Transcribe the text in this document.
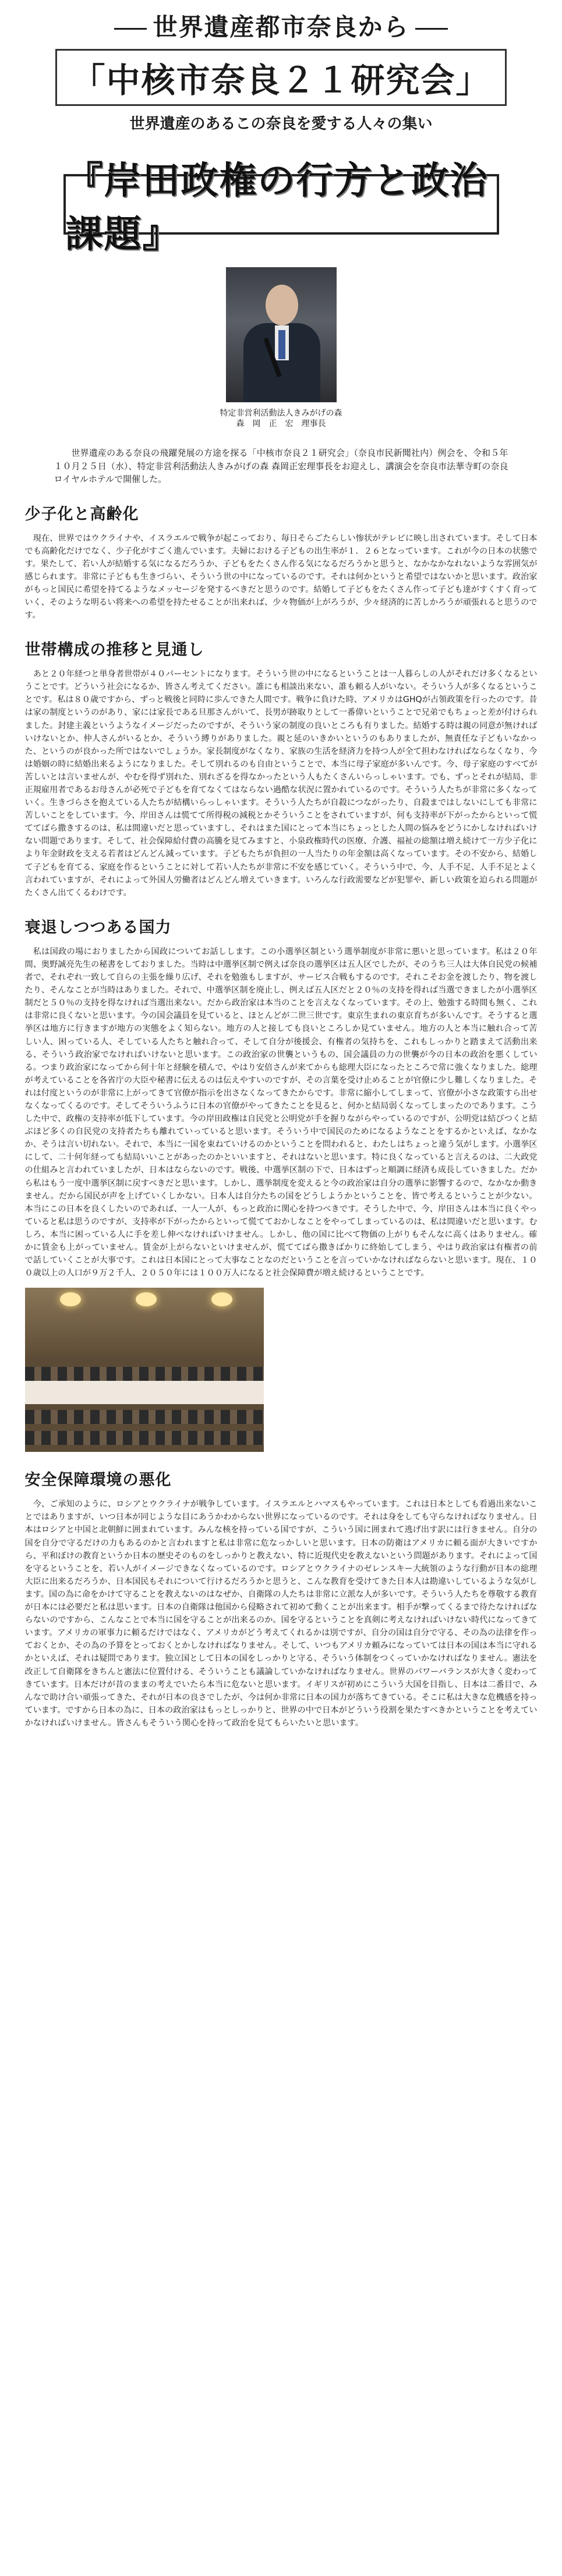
世界遺産都市奈良から
「中核市奈良２１研究会」
世界遺産のあるこの奈良を愛する人々の集い
『岸田政権の行方と政治課題』
特定非営利活動法人きみがげの森
森　岡　正　宏　理事長

世界遺産のある奈良の飛躍発展の方途を探る「中核市奈良２１研究会」（奈良市民新聞社内）例会を、令和５年１０月２５日（水）、特定非営利活動法人きみがげの森 森岡正宏理事長をお迎えし、講演会を奈良市法華寺町の奈良ロイヤルホテルで開催した。

少子化と高齢化

現在、世界ではウクライナや、イスラエルで戦争が起こっており、毎日そらごたらしい惨状がテレビに映し出されています。そして日本でも高齢化だけでなく、少子化がすごく進んでいます。夫婦における子どもの出生率が１．２６となっています。これが今の日本の状態です。果たして、若い人が結婚する気になるだろうか、子どもをたくさん作る気になるだろうかと思うと、なかなかなれないような雰囲気が感じられます。非常に子どもも生きづらい、そういう世の中になっているのです。それは何かというと希望ではないかと思います。政治家がもっと国民に希望を持てるようなメッセージを発するべきだと思うのです。結婚して子どもをたくさん作って子ども達がすくすく育っていく、そのような明るい将来への希望を持たせることが出来れば、少々物価が上がろうが、少々経済的に苦しかろうが頑張れると思うのです。

世帯構成の推移と見通し

あと２０年経つと単身者世帯が４０パーセントになります。そういう世の中になるということは一人暮らしの人がそれだけ多くなるということです。どういう社会になるか、皆さん考えてください。誰にも相談出来ない、誰も頼る人がいない。そういう人が多くなるということです。私は８０歳ですから、ずっと戦後と同時に歩んできた人間です。戦争に負けた時、アメリカはGHQが占領政策を行ったのです。昔は家の制度というのがあり、家には家長である旦那さんがいて、長男が跡取りとして一番偉いということで兄弟でもちょっと差が付けられました。封建主義というようなイメージだったのですが、そういう家の制度の良いところも有りました。結婚する時は親の同意が無ければいけないとか、仲人さんがいるとか、そういう縛りがありました。親と延のいきかいというのもありましたが、無責任な子どもいなかった、というのが良かった所ではないでしょうか。家長制度がなくなり、家族の生活を経済力を持つ人が全て担わなければならなくなり、今は婚姻の時に結婚出来るようになりました。そして別れるのも自由ということで、本当に母子家庭が多いんです。今、母子家庭のすべてが苦しいとは言いませんが、やむを得ず別れた、別れざるを得なかったという人もたくさんいらっしゃいます。でも、ずっとそれが結局、非正規雇用者であるお母さんが必死で子どもを育てなくてはならない過酷な状況に置かれているのです。そういう人たちが非常に多くなっていく。生きづらさを抱えている人たちが結構いらっしゃいます。そういう人たちが自殺につながったり、自殺まではしないにしても非常に苦しいことをしています。今、岸田さんは慌てて所得税の減税とかそういうことをされていますが、何も支持率が下がったからといって慌ててばら撒きするのは、私は間違いだと思っていますし、それはまた国にとって本当にちょっとした人間の悩みをどうにかしなければいけない問題であります。そして、社会保障給付費の高騰を見てみますと、小泉政権時代の医療、介護、福祉の総額は増え続けて一方少子化により年金財政を支える若者はどんどん減っています。子どもたちが負担の一人当たりの年金額は高くなっています。その不安から、結婚して子どもを育てる、家庭を作るということに対して若い人たちが非常に不安を感じていく。そういう中で、今、人手不足、人手不足とよく言われていますが、それによって外国人労働者はどんどん増えていきます。いろんな行政需要などが犯罪や、新しい政策を迫られる問題がたくさん出てくるわけです。

衰退しつつある国力

私は国政の場におりましたから国政についてお話しします。この小選挙区制という選挙制度が非常に悪いと思っています。私は２０年間、奥野誠亮先生の秘書をしておりました。当時は中選挙区制で例えば奈良の選挙区は五人区でしたが、そのうち三人は大体自民党の候補者で、それぞれ一致して自らの主張を繰り広げ、それを勉強もしますが、サービス合戦もするのです。それこそお金を渡したり、物を渡したり、そんなことが当時はありました。それで、中選挙区制を廃止し、例えば五人区だと２０％の支持を得れば当選できましたが小選挙区制だと５０％の支持を得なければ当選出来ない。だから政治家は本当のことを言えなくなっています。その上、勉強する時間も無く、これは非常に良くないと思います。今の国会議員を見ていると、ほとんどが二世三世です。東京生まれの東京育ちが多いんです。そうすると選挙区は地方に行きますが地方の実態をよく知らない。地方の人と接しても良いところしか見ていません。地方の人と本当に触れ合って苦しい人、困っている人、そしている人たちと触れ合って、そして自分が後援会、有権者の気持ちを、これもしっかりと踏まえて活動出来る、そういう政治家でなければいけないと思います。この政治家の世襲というもの、国会議員の力の世襲が今の日本の政治を悪くしている。つまり政治家になってから何十年と経験を積んで、やはり安倍さんが来てからも総理大臣になったところで常に強くなりました。総理が考えていることを各省庁の大臣や秘書に伝えるのは伝えやすいのですが、その言葉を受け止めることが官僚に少し難しくなりました。それは付度というのが非常に上がってきて官僚が指示を出さなくなってきたからです。非常に縮小してしまって、官僚が小さな政策すら出せなくなってくるのです。そしてそういうふうに日本の官僚がやってきたことを見ると、何かと結局弱くなってしまったのであります。こうした中で、政権の支持率が低下しています。今の岸田政権は自民党と公明党が手を握りながらやっているのですが、公明党は結びつくと結ぶほど多くの自民党の支持者たちも離れていっていると思います。そういう中で国民のためになるようなことをするかといえば、なかなか、そうは言い切れない。それで、本当に一国を束ねていけるのかということを問われると、わたしはちょっと違う気がします。小選挙区にして、二十何年経っても結局いいことがあったのかといいますと、それはないと思います。特に良くなっていると言えるのは、二大政党の仕組みと言われていましたが、日本はならないのです。戦後、中選挙区制の下で、日本はずっと順調に経済も成長していきました。だから私はもう一度中選挙区制に戻すべきだと思います。しかし、選挙制度を変えると今の政治家は自分の選挙に影響するので、なかなか動きません。だから国民が声を上げていくしかない。日本人は自分たちの国をどうしようかということを、皆で考えるということが少ない。本当にこの日本を良くしたいのであれば、一人一人が、もっと政治に関心を持つべきです。そうした中で、今、岸田さんは本当に良くやっていると私は思うのですが、支持率が下がったからといって慌てておかしなことをやってしまっているのは、私は間違いだと思います。むしろ、本当に困っている人に手を差し伸べなければいけません。しかし、他の国に比べて物価の上がりもそんなに高くはありません。確かに賃金も上がっていません。賃金が上がらないといけませんが、慌ててばら撒きばかりに終始してしまう、やはり政治家は有権者の前で話していくことが大事です。これは日本国にとって大事なことなのだということを言っていかなければならないと思います。現在、１００歳以上の人口が９万２千人、２０５０年には１００万人になると社会保障費が増え続けるということです。

安全保障環境の悪化

今、ご承知のように、ロシアとウクライナが戦争しています。イスラエルとハマスもやっています。これは日本としても看過出来ないことではありますが、いつ日本が同じような目にあうかわからない世界になっているのです。それは身をしても守らなければなりません。日本はロシアと中国と北朝鮮に囲まれています。みんな核を持っている国ですが、こういう国に囲まれて逃げ出す訳には行きません。自分の国を自分で守るだけの力もあるのかと言われますと私は非常に危なっかしいと思います。日本の防衛はアメリカに頼る面が大きいですから、平和ぼけの教育というか日本の歴史そのものをしっかりと教えない、特に近現代史を教えないという問題があります。それによって国を守るということを、若い人がイメージできなくなっているのです。ロシアとウクライナのゼレンスキー大統領のような行動が日本の総理大臣に出来るだろうか、日本国民もそれについて行けるだろうかと思うと、こんな教育を受けてきた日本人は勘違いしているような気がします。国の為に命をかけて守ることを教えないのはなぜか、自衛隊の人たちは非常に立派な人が多いです。そういう人たちを尊敬する教育が日本には必要だと私は思います。日本の自衛隊は他国から侵略されて初めて動くことが出来ます。相手が撃ってくるまで待たなければならないのですから、こんなことで本当に国を守ることが出来るのか。国を守るということを真剣に考えなければいけない時代になってきています。アメリカの軍事力に頼るだけではなく、アメリカがどう考えてくれるかは別ですが、自分の国は自分で守る、その為の法律を作っておくとか、その為の予算をとっておくとかしなければなりません。そして、いつもアメリカ頼みになっていては日本の国は本当に守れるかといえば、それは疑問であります。独立国として日本の国をしっかりと守る、そういう体制をつくっていかなければなりません。憲法を改正して自衛隊をきちんと憲法に位置付ける、そういうことも議論していかなければなりません。世界のパワーバランスが大きく変わってきています。日本だけが昔のままの考えでいたら本当に危ないと思います。イギリスが初めにこういう大国を目指し、日本は二番目で、みんなで助け合い頑張ってきた、それが日本の良さでしたが、今は何か非常に日本の国力が落ちてきている。そこに私は大きな危機感を持っています。ですから日本の為に、日本の政治家はもっとしっかりと、世界の中で日本がどういう役割を果たすべきかということを考えていかなければいけません。皆さんもそういう関心を持って政治を見てもらいたいと思います。
